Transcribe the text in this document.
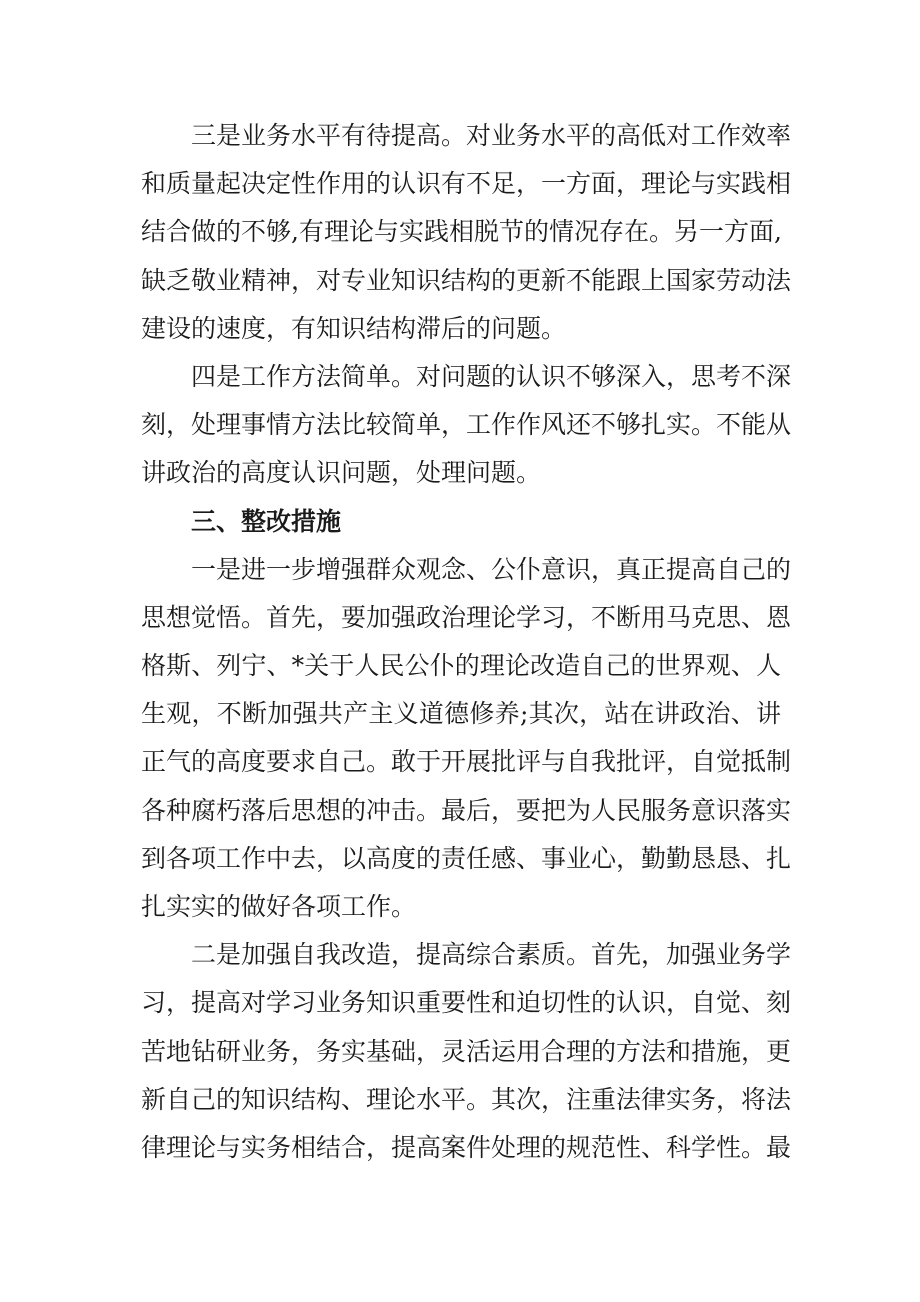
三是业务水平有待提高。对业务水平的高低对工作效率
和质量起决定性作用的认识有不足，一方面，理论与实践相
结合做的不够,有理论与实践相脱节的情况存在。另一方面,
缺乏敬业精神，对专业知识结构的更新不能跟上国家劳动法
建设的速度，有知识结构滞后的问题。
四是工作方法简单。对问题的认识不够深入，思考不深
刻，处理事情方法比较简单，工作作风还不够扎实。不能从
讲政治的高度认识问题，处理问题。
三、整改措施
一是进一步增强群众观念、公仆意识，真正提高自己的
思想觉悟。首先，要加强政治理论学习，不断用马克思、恩
格斯、列宁、*关于人民公仆的理论改造自己的世界观、人
生观，不断加强共产主义道德修养;其次，站在讲政治、讲
正气的高度要求自己。敢于开展批评与自我批评，自觉抵制
各种腐朽落后思想的冲击。最后，要把为人民服务意识落实
到各项工作中去，以高度的责任感、事业心，勤勤恳恳、扎
扎实实的做好各项工作。
二是加强自我改造，提高综合素质。首先，加强业务学
习，提高对学习业务知识重要性和迫切性的认识，自觉、刻
苦地钻研业务，务实基础，灵活运用合理的方法和措施，更
新自己的知识结构、理论水平。其次，注重法律实务，将法
律理论与实务相结合，提高案件处理的规范性、科学性。最
